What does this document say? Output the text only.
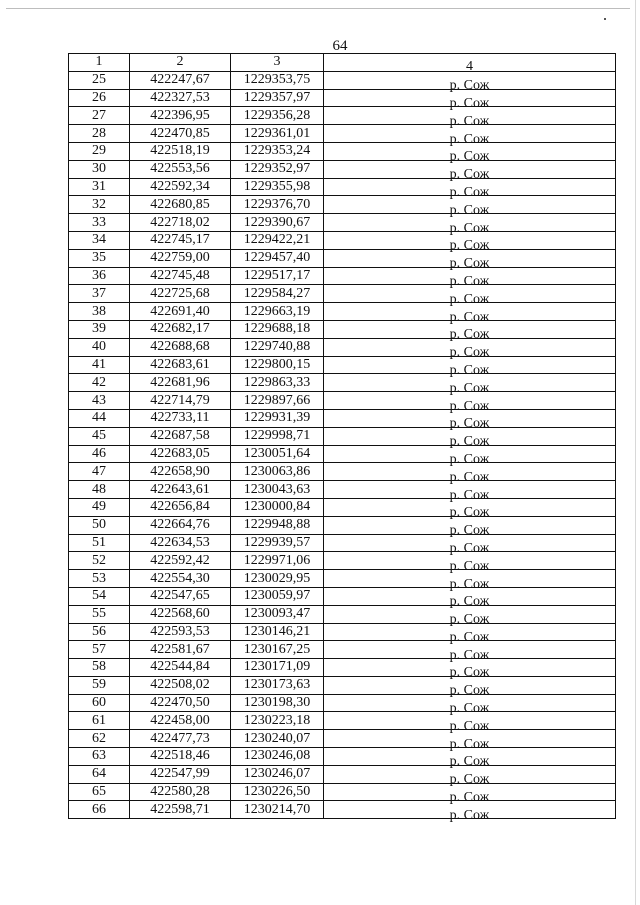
64
1	2	3	4
25	422247,67	1229353,75	р. Сож
26	422327,53	1229357,97	р. Сож
27	422396,95	1229356,28	р. Сож
28	422470,85	1229361,01	р. Сож
29	422518,19	1229353,24	р. Сож
30	422553,56	1229352,97	р. Сож
31	422592,34	1229355,98	р. Сож
32	422680,85	1229376,70	р. Сож
33	422718,02	1229390,67	р. Сож
34	422745,17	1229422,21	р. Сож
35	422759,00	1229457,40	р. Сож
36	422745,48	1229517,17	р. Сож
37	422725,68	1229584,27	р. Сож
38	422691,40	1229663,19	р. Сож
39	422682,17	1229688,18	р. Сож
40	422688,68	1229740,88	р. Сож
41	422683,61	1229800,15	р. Сож
42	422681,96	1229863,33	р. Сож
43	422714,79	1229897,66	р. Сож
44	422733,11	1229931,39	р. Сож
45	422687,58	1229998,71	р. Сож
46	422683,05	1230051,64	р. Сож
47	422658,90	1230063,86	р. Сож
48	422643,61	1230043,63	р. Сож
49	422656,84	1230000,84	р. Сож
50	422664,76	1229948,88	р. Сож
51	422634,53	1229939,57	р. Сож
52	422592,42	1229971,06	р. Сож
53	422554,30	1230029,95	р. Сож
54	422547,65	1230059,97	р. Сож
55	422568,60	1230093,47	р. Сож
56	422593,53	1230146,21	р. Сож
57	422581,67	1230167,25	р. Сож
58	422544,84	1230171,09	р. Сож
59	422508,02	1230173,63	р. Сож
60	422470,50	1230198,30	р. Сож
61	422458,00	1230223,18	р. Сож
62	422477,73	1230240,07	р. Сож
63	422518,46	1230246,08	р. Сож
64	422547,99	1230246,07	р. Сож
65	422580,28	1230226,50	р. Сож
66	422598,71	1230214,70	р. Сож
